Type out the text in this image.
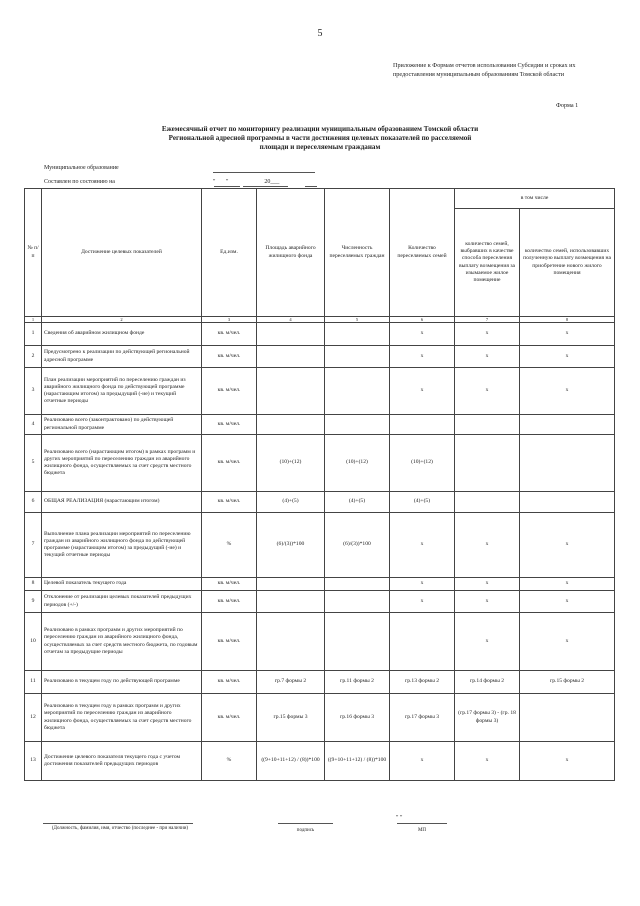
5
Приложение к Формам отчетов использования Субсидии и сроках их предоставления муниципальным образованиям Томской области
Форма 1
Ежемесячный отчет по мониторингу реализации муниципальным образованием Томской области
Региональной адресной программы в части достижения целевых показателей по расселяемой
площади и переселяемым гражданам
Муниципальное образование
Составлен по состоянию на	"       "                        20___
№ п/п	Достижение целевых показателей	Ед.изм.	Площадь аварийного жилищного фонда	Численность переселяемых граждан	Количество переселяемых семей	в том числе	
						количество семей, выбравших в качестве способа переселения выплату возмещения за изымаемое жилое помещение	количество семей, использовавших полученную выплату возмещения на приобретение нового жилого помещения
1	2	3	4	5	6	7	8
1	Сведения об аварийном жилищном фонде	кв. м/чел.			х	х	х
2	Предусмотрено к реализации по действующей региональной адресной программе	кв. м/чел.			х	х	х
3	План реализации мероприятий по переселению граждан из аварийного жилищного фонда по действующей программе (нарастающим итогом) за предыдущий (-ие) и текущий отчетные периоды	кв. м/чел.			х	х	х
4	Реализовано всего (законтрактовано) по действующей региональной программе	кв. м/чел.					
5	Реализовано всего (нарастающим итогом) в рамках программ и других мероприятий по переселению граждан из аварийного жилищного фонда, осуществляемых за счет средств местного бюджета	кв. м/чел.	(10)+(12)	(10)+(12)	(10)+(12)		
6	ОБЩАЯ РЕАЛИЗАЦИЯ (нарастающим итогом)	кв. м/чел.	(4)+(5)	(4)+(5)	(4)+(5)		
7	Выполнение плана реализации мероприятий по переселению граждан из аварийного жилищного фонда по действующей программе (нарастающим итогом) за предыдущий (-ие) и текущий отчетные периоды	%	(6)/(3))*100	(6)/(3))*100	х	х	х
8	Целевой показатель текущего года	кв. м/чел.			х	х	х
9	Отклонение от реализации целевых показателей предыдущих периодов (+/-)	кв. м/чел.			х	х	х
10	Реализовано в рамках программ и других мероприятий по переселению граждан из аварийного жилищного фонда, осуществляемых за счет средств местного бюджета, по годовым отчетам за предыдущие периоды	кв. м/чел.				х	х
11	Реализовано в текущем году по действующей программе	кв. м/чел.	гр.7 формы 2	гр.11 формы 2	гр.13 формы 2	гр.14 формы 2	гр.15 формы 2
12	Реализовано в текущем году в рамках программ и других мероприятий по переселению граждан из аварийного жилищного фонда, осуществляемых за счет средств местного бюджета	кв. м/чел.	гр.15 формы 3	гр.16 формы 3	гр.17 формы 3	(гр.17 формы 3) - (гр. 18 формы 3)	
13	Достижение целевого показателя текущего года с учетом достижения показателей предыдущих периодов	%	((9+10+11+12) / (8))*100	((9+10+11+12) / (8))*100	х	х	х
(Должность, фамилия, имя, отчество (последнее - при наличии)	подпись
" "
МП
